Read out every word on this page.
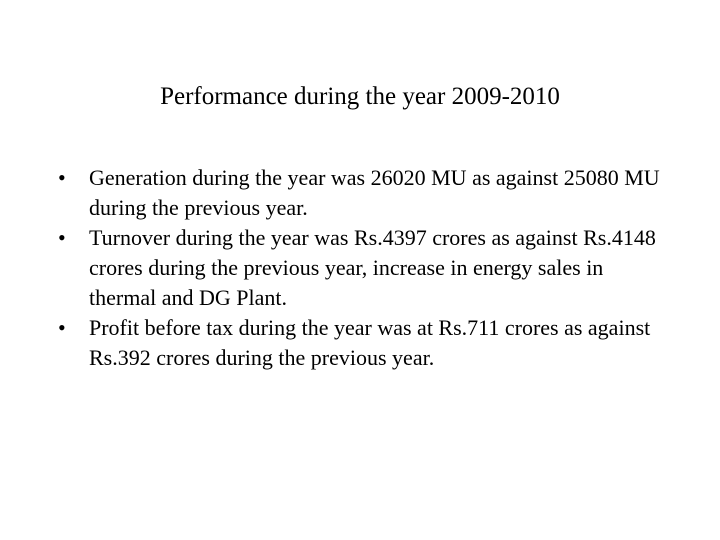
Performance during the year 2009-2010
•	Generation during the year was 26020 MU as against 25080 MU during the previous year.
•	Turnover during the year was Rs.4397 crores as against Rs.4148 crores during the previous year, increase in energy sales in thermal and DG Plant.
•	Profit before tax during the year was at Rs.711 crores as against Rs.392 crores during the previous year.
